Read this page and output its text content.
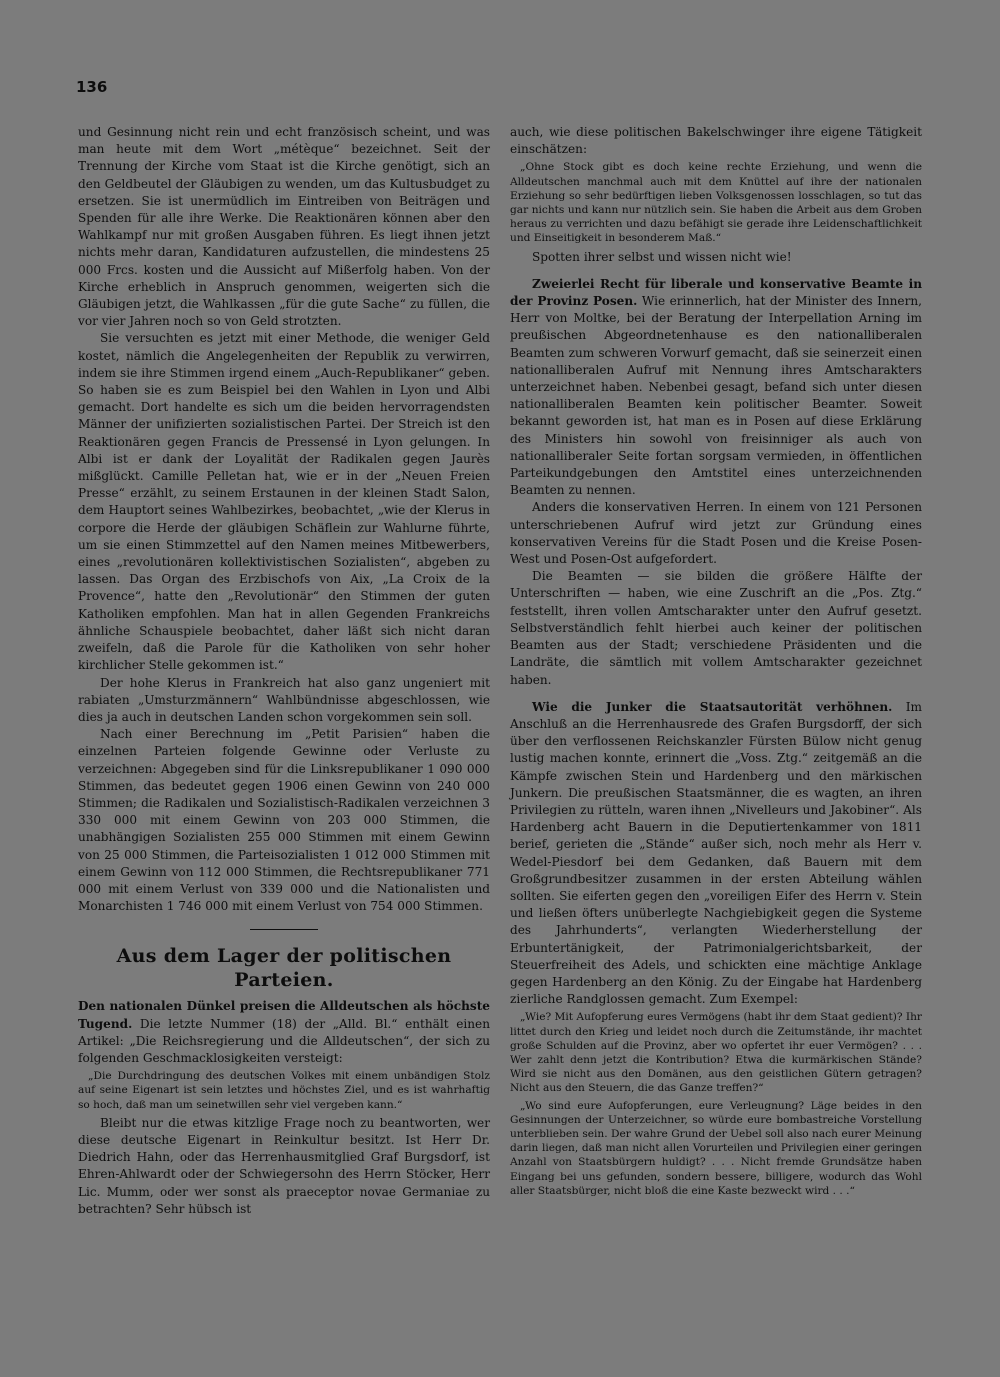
136

und Gesinnung nicht rein und echt französisch scheint, und was man heute mit dem Wort „métèque“ bezeichnet. Seit der Trennung der Kirche vom Staat ist die Kirche genötigt, sich an den Geldbeutel der Gläubigen zu wenden, um das Kultusbudget zu ersetzen. Sie ist unermüdlich im Eintreiben von Beiträgen und Spenden für alle ihre Werke. Die Reaktionären können aber den Wahlkampf nur mit großen Ausgaben führen. Es liegt ihnen jetzt nichts mehr daran, Kandidaturen aufzustellen, die mindestens 25 000 Frcs. kosten und die Aussicht auf Mißerfolg haben. Von der Kirche erheblich in Anspruch genommen, weigerten sich die Gläubigen jetzt, die Wahlkassen „für die gute Sache“ zu füllen, die vor vier Jahren noch so von Geld strotzten.

Sie versuchten es jetzt mit einer Methode, die weniger Geld kostet, nämlich die Angelegenheiten der Republik zu verwirren, indem sie ihre Stimmen irgend einem „Auch-Republikaner“ geben. So haben sie es zum Beispiel bei den Wahlen in Lyon und Albi gemacht. Dort handelte es sich um die beiden hervorragendsten Männer der unifizierten sozialistischen Partei. Der Streich ist den Reaktionären gegen Francis de Pressensé in Lyon gelungen. In Albi ist er dank der Loyalität der Radikalen gegen Jaurès mißglückt. Camille Pelletan hat, wie er in der „Neuen Freien Presse“ erzählt, zu seinem Erstaunen in der kleinen Stadt Salon, dem Hauptort seines Wahlbezirkes, beobachtet, „wie der Klerus in corpore die Herde der gläubigen Schäflein zur Wahlurne führte, um sie einen Stimmzettel auf den Namen meines Mitbewerbers, eines „revolutionären kollektivistischen Sozialisten“, abgeben zu lassen. Das Organ des Erzbischofs von Aix, „La Croix de la Provence“, hatte den „Revolutionär“ den Stimmen der guten Katholiken empfohlen. Man hat in allen Gegenden Frankreichs ähnliche Schauspiele beobachtet, daher läßt sich nicht daran zweifeln, daß die Parole für die Katholiken von sehr hoher kirchlicher Stelle gekommen ist.“

Der hohe Klerus in Frankreich hat also ganz ungeniert mit rabiaten „Umsturzmännern“ Wahlbündnisse abgeschlossen, wie dies ja auch in deutschen Landen schon vorgekommen sein soll.

Nach einer Berechnung im „Petit Parisien“ haben die einzelnen Parteien folgende Gewinne oder Verluste zu verzeichnen: Abgegeben sind für die Linksrepublikaner 1 090 000 Stimmen, das bedeutet gegen 1906 einen Gewinn von 240 000 Stimmen; die Radikalen und Sozialistisch-Radikalen verzeichnen 3 330 000 mit einem Gewinn von 203 000 Stimmen, die unabhängigen Sozialisten 255 000 Stimmen mit einem Gewinn von 25 000 Stimmen, die Parteisozialisten 1 012 000 Stimmen mit einem Gewinn von 112 000 Stimmen, die Rechtsrepublikaner 771 000 mit einem Verlust von 339 000 und die Nationalisten und Monarchisten 1 746 000 mit einem Verlust von 754 000 Stimmen.

Aus dem Lager der politischen Parteien.

Den nationalen Dünkel preisen die Alldeutschen als höchste Tugend. Die letzte Nummer (18) der „Alld. Bl.“ enthält einen Artikel: „Die Reichsregierung und die Alldeutschen“, der sich zu folgenden Geschmacklosigkeiten versteigt:

„Die Durchdringung des deutschen Volkes mit einem unbändigen Stolz auf seine Eigenart ist sein letztes und höchstes Ziel, und es ist wahrhaftig so hoch, daß man um seinetwillen sehr viel vergeben kann.“

Bleibt nur die etwas kitzlige Frage noch zu beantworten, wer diese deutsche Eigenart in Reinkultur besitzt. Ist Herr Dr. Diedrich Hahn, oder das Herrenhausmitglied Graf Burgsdorf, ist Ehren-Ahlwardt oder der Schwiegersohn des Herrn Stöcker, Herr Lic. Mumm, oder wer sonst als praeceptor novae Germaniae zu betrachten? Sehr hübsch ist

auch, wie diese politischen Bakelschwinger ihre eigene Tätigkeit einschätzen:

„Ohne Stock gibt es doch keine rechte Erziehung, und wenn die Alldeutschen manchmal auch mit dem Knüttel auf ihre der nationalen Erziehung so sehr bedürftigen lieben Volksgenossen losschlagen, so tut das gar nichts und kann nur nützlich sein. Sie haben die Arbeit aus dem Groben heraus zu verrichten und dazu befähigt sie gerade ihre Leidenschaftlichkeit und Einseitigkeit in besonderem Maß.“

Spotten ihrer selbst und wissen nicht wie!

Zweierlei Recht für liberale und konservative Beamte in der Provinz Posen. Wie erinnerlich, hat der Minister des Innern, Herr von Moltke, bei der Beratung der Interpellation Arning im preußischen Abgeordnetenhause es den nationalliberalen Beamten zum schweren Vorwurf gemacht, daß sie seinerzeit einen nationalliberalen Aufruf mit Nennung ihres Amtscharakters unterzeichnet haben. Nebenbei gesagt, befand sich unter diesen nationalliberalen Beamten kein politischer Beamter. Soweit bekannt geworden ist, hat man es in Posen auf diese Erklärung des Ministers hin sowohl von freisinniger als auch von nationalliberaler Seite fortan sorgsam vermieden, in öffentlichen Parteikundgebungen den Amtstitel eines unterzeichnenden Beamten zu nennen.

Anders die konservativen Herren. In einem von 121 Personen unterschriebenen Aufruf wird jetzt zur Gründung eines konservativen Vereins für die Stadt Posen und die Kreise Posen-West und Posen-Ost aufgefordert.

Die Beamten — sie bilden die größere Hälfte der Unterschriften — haben, wie eine Zuschrift an die „Pos. Ztg.“ feststellt, ihren vollen Amtscharakter unter den Aufruf gesetzt. Selbstverständlich fehlt hierbei auch keiner der politischen Beamten aus der Stadt; verschiedene Präsidenten und die Landräte, die sämtlich mit vollem Amtscharakter gezeichnet haben.

Wie die Junker die Staatsautorität verhöhnen. Im Anschluß an die Herrenhausrede des Grafen Burgsdorff, der sich über den verflossenen Reichskanzler Fürsten Bülow nicht genug lustig machen konnte, erinnert die „Voss. Ztg.“ zeitgemäß an die Kämpfe zwischen Stein und Hardenberg und den märkischen Junkern. Die preußischen Staatsmänner, die es wagten, an ihren Privilegien zu rütteln, waren ihnen „Nivelleurs und Jakobiner“. Als Hardenberg acht Bauern in die Deputiertenkammer von 1811 berief, gerieten die „Stände“ außer sich, noch mehr als Herr v. Wedel-Piesdorf bei dem Gedanken, daß Bauern mit dem Großgrundbesitzer zusammen in der ersten Abteilung wählen sollten. Sie eiferten gegen den „voreiligen Eifer des Herrn v. Stein und ließen öfters unüberlegte Nachgiebigkeit gegen die Systeme des Jahrhunderts“, verlangten Wiederherstellung der Erbuntertänigkeit, der Patrimonialgerichtsbarkeit, der Steuerfreiheit des Adels, und schickten eine mächtige Anklage gegen Hardenberg an den König. Zu der Eingabe hat Hardenberg zierliche Randglossen gemacht. Zum Exempel:

„Wie? Mit Aufopferung eures Vermögens (habt ihr dem Staat gedient)? Ihr littet durch den Krieg und leidet noch durch die Zeitumstände, ihr machtet große Schulden auf die Provinz, aber wo opfertet ihr euer Vermögen? . . . Wer zahlt denn jetzt die Kontribution? Etwa die kurmärkischen Stände? Wird sie nicht aus den Domänen, aus den geistlichen Gütern getragen? Nicht aus den Steuern, die das Ganze treffen?“

„Wo sind eure Aufopferungen, eure Verleugnung? Läge beides in den Gesinnungen der Unterzeichner, so würde eure bombastreiche Vorstellung unterblieben sein. Der wahre Grund der Uebel soll also nach eurer Meinung darin liegen, daß man nicht allen Vorurteilen und Privilegien einer geringen Anzahl von Staatsbürgern huldigt? . . . Nicht fremde Grundsätze haben Eingang bei uns gefunden, sondern bessere, billigere, wodurch das Wohl aller Staatsbürger, nicht bloß die eine Kaste bezweckt wird . . .“
